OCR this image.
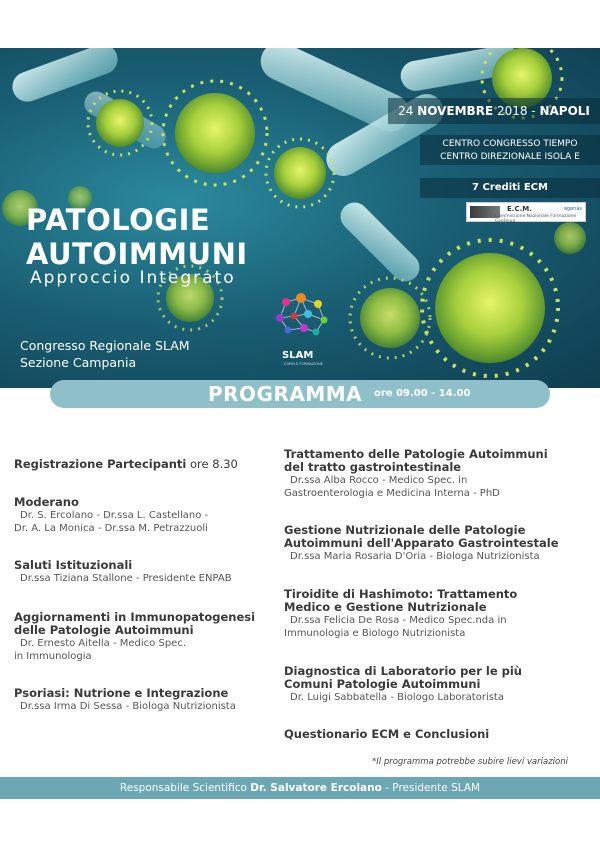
24 NOVEMBRE 2018 - NAPOLI
CENTRO CONGRESSO TIEMPO
CENTRO DIREZIONALE ISOLA E
7 Crediti ECM
E.C.M.
Commissione Nazionale Formazione Continua
agenas
PATOLOGIE
AUTOIMMUNI
Approccio Integrato
Congresso Regionale SLAM
Sezione Campania	SLAM
CORSI E FORMAZIONE
PROGRAMMA ore 09.00 - 14.00

Registrazione Partecipanti ore 8.30

Moderano

Dr. S. Ercolano - Dr.ssa L. Castellano -

Dr. A. La Monica - Dr.ssa M. Petrazzuoli

Saluti Istituzionali

Dr.ssa Tiziana Stallone - Presidente ENPAB

Aggiornamenti in Immunopatogenesi

delle Patologie Autoimmuni

Dr. Ernesto Aitella - Medico Spec.

in Immunologia

Psoriasi: Nutrione e Integrazione

Dr.ssa Irma Di Sessa - Biologa Nutrizionista

Trattamento delle Patologie Autoimmuni

del tratto gastrointestinale

Dr.ssa Alba Rocco - Medico Spec. in

Gastroenterologia e Medicina Interna - PhD

Gestione Nutrizionale delle Patologie

Autoimmuni dell'Apparato Gastrointestale

Dr.ssa Maria Rosaria D'Oria - Biologa Nutrizionista

Tiroidite di Hashimoto: Trattamento

Medico e Gestione Nutrizionale

Dr.ssa Felicia De Rosa - Medico Spec.nda in

Immunologia e Biologo Nutrizionista

Diagnostica di Laboratorio per le più

Comuni Patologie Autoimmuni

Dr. Luigi Sabbatella - Biologo Laboratorista

Questionario ECM e Conclusioni

*Il programma potrebbe subire lievi variazioni
Responsabile Scientifico Dr. Salvatore Ercolano - Presidente SLAM
